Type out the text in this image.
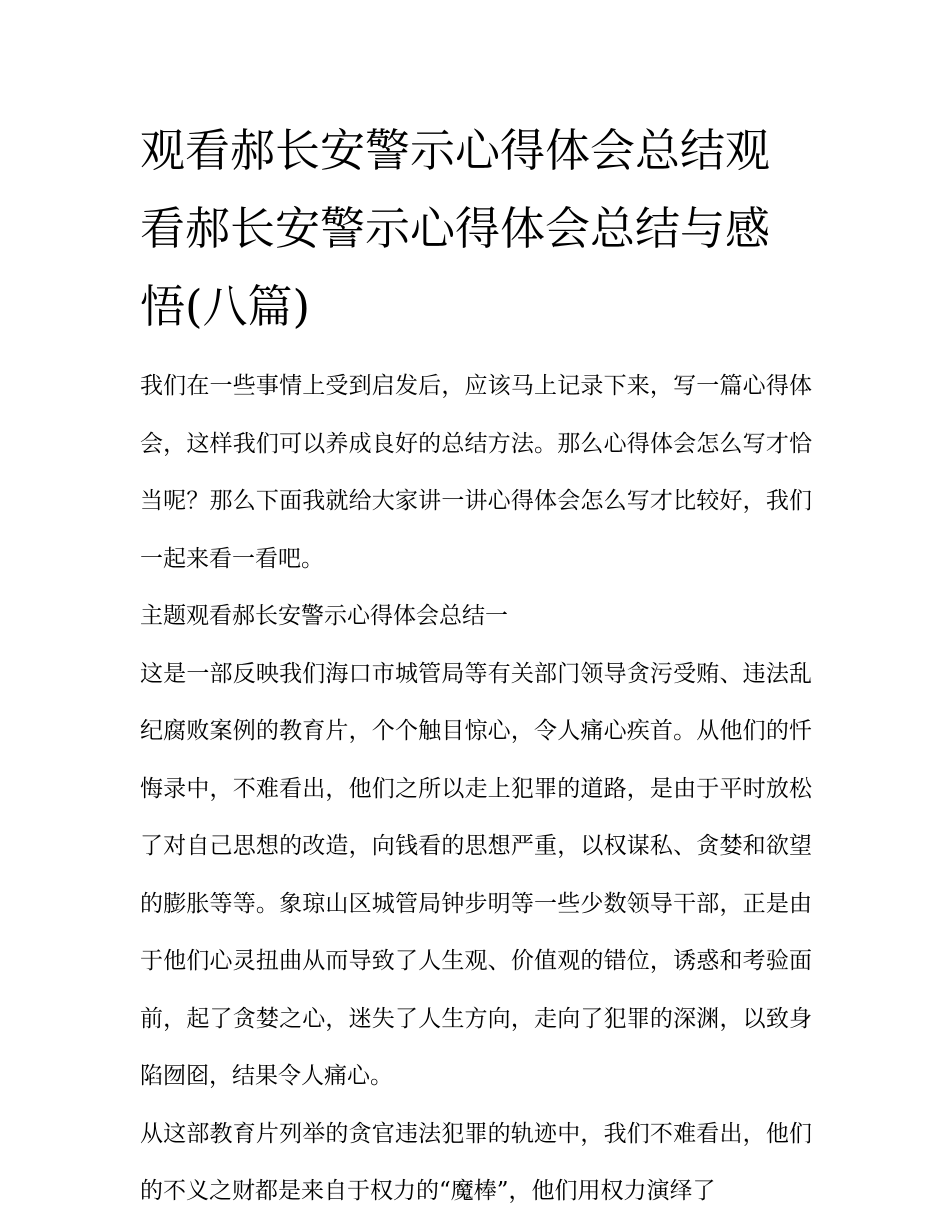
观看郝长安警示心得体会总结观看郝长安警示心得体会总结与感悟(八篇)

我们在一些事情上受到启发后，应该马上记录下来，写一篇心得体会，这样我们可以养成良好的总结方法。那么心得体会怎么写才恰当呢？那么下面我就给大家讲一讲心得体会怎么写才比较好，我们一起来看一看吧。

主题观看郝长安警示心得体会总结一

这是一部反映我们海口市城管局等有关部门领导贪污受贿、违法乱纪腐败案例的教育片，个个触目惊心，令人痛心疾首。从他们的忏悔录中，不难看出，他们之所以走上犯罪的道路，是由于平时放松了对自己思想的改造，向钱看的思想严重，以权谋私、贪婪和欲望的膨胀等等。象琼山区城管局钟步明等一些少数领导干部，正是由于他们心灵扭曲从而导致了人生观、价值观的错位，诱惑和考验面前，起了贪婪之心，迷失了人生方向，走向了犯罪的深渊，以致身陷囫囵，结果令人痛心。

从这部教育片列举的贪官违法犯罪的轨迹中，我们不难看出，他们的不义之财都是来自于权力的“魔棒”，他们用权力演绎了
